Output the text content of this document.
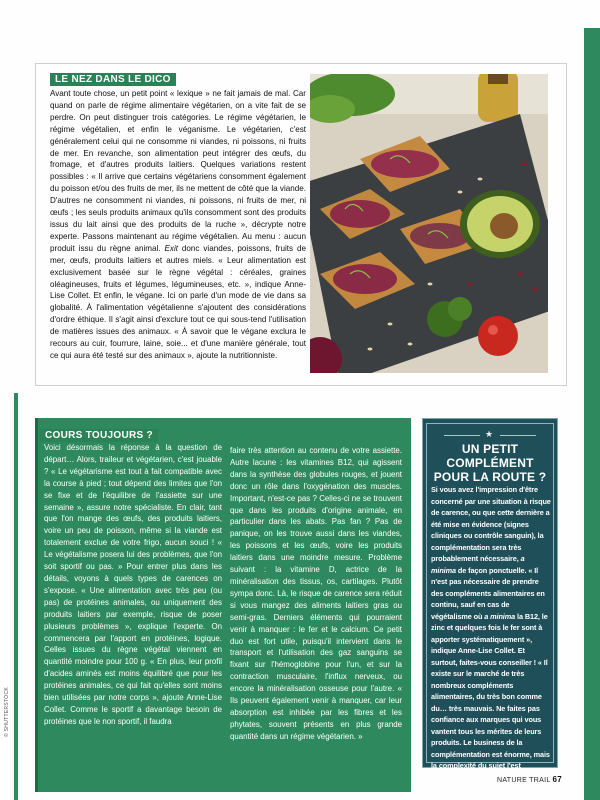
LE NEZ DANS LE DICO

Avant toute chose, un petit point « lexique » ne fait jamais de mal. Car quand on parle de régime alimentaire végétarien, on a vite fait de se perdre. On peut distinguer trois catégories. Le régime végétarien, le régime végétalien, et enfin le véganisme. Le végétarien, c'est généralement celui qui ne consomme ni viandes, ni poissons, ni fruits de mer. En revanche, son alimentation peut intégrer des œufs, du fromage, et d'autres produits laitiers. Quelques variations restent possibles : « Il arrive que certains végétariens consomment également du poisson et/ou des fruits de mer, ils ne mettent de côté que la viande. D'autres ne consomment ni viandes, ni poissons, ni fruits de mer, ni œufs ; les seuls produits animaux qu'ils consomment sont des produits issus du lait ainsi que des produits de la ruche », décrypte notre experte. Passons maintenant au régime végétalien. Au menu : aucun produit issu du règne animal. Exit donc viandes, poissons, fruits de mer, œufs, produits laitiers et autres miels. « Leur alimentation est exclusivement basée sur le règne végétal : céréales, graines oléagineuses, fruits et légumes, légumineuses, etc. », indique Anne-Lise Collet. Et enfin, le végane. Ici on parle d'un mode de vie dans sa globalité. À l'alimentation végétalienne s'ajoutent des considérations d'ordre éthique. Il s'agit ainsi d'exclure tout ce qui sous-tend l'utilisation de matières issues des animaux. « À savoir que le végane exclura le recours au cuir, fourrure, laine, soie... et d'une manière générale, tout ce qui aura été testé sur des animaux », ajoute la nutritionniste.

COURS TOUJOURS ?

Voici désormais la réponse à la question de départ… Alors, traileur et végétarien, c'est jouable ? « Le végétarisme est tout à fait compatible avec la course à pied ; tout dépend des limites que l'on se fixe et de l'équilibre de l'assiette sur une semaine », assure notre spécialiste. En clair, tant que l'on mange des œufs, des produits laitiers, voire un peu de poisson, même si la viande est totalement exclue de votre frigo, aucun souci ! « Le végétalisme posera lui des problèmes, que l'on soit sportif ou pas. » Pour entrer plus dans les détails, voyons à quels types de carences on s'expose. « Une alimentation avec très peu (ou pas) de protéines animales, ou uniquement des produits laitiers par exemple, risque de poser plusieurs problèmes », explique l'experte. On commencera par l'apport en protéines, logique. Celles issues du règne végétal viennent en quantité moindre pour 100 g. « En plus, leur profil d'acides aminés est moins équilibré que pour les protéines animales, ce qui fait qu'elles sont moins bien utilisées par notre corps », ajoute Anne-Lise Collet. Comme le sportif a davantage besoin de protéines que le non sportif, il faudra

faire très attention au contenu de votre assiette. Autre lacune : les vitamines B12, qui agissent dans la synthèse des globules rouges, et jouent donc un rôle dans l'oxygénation des muscles. Important, n'est-ce pas ? Celles-ci ne se trouvent que dans les produits d'origine animale, en particulier dans les abats. Pas fan ? Pas de panique, on les trouve aussi dans les viandes, les poissons et les œufs, voire les produits laitiers dans une moindre mesure. Problème suivant : la vitamine D, actrice de la minéralisation des tissus, os, cartilages. Plutôt sympa donc. Là, le risque de carence sera réduit si vous mangez des aliments laitiers gras ou semi-gras. Derniers éléments qui pourraient venir à manquer : le fer et le calcium. Ce petit duo est fort utile, puisqu'il intervient dans le transport et l'utilisation des gaz sanguins se fixant sur l'hémoglobine pour l'un, et sur la contraction musculaire, l'influx nerveux, ou encore la minéralisation osseuse pour l'autre. « Ils peuvent également venir à manquer, car leur absorption est inhibée par les fibres et les phytates, souvent présents en plus grande quantité dans un régime végétarien. »

★
UN PETIT COMPLÉMENT POUR LA ROUTE ?

Si vous avez l'impression d'être concerné par une situation à risque de carence, ou que cette dernière a été mise en évidence (signes cliniques ou contrôle sanguin), la complémentation sera très probablement nécessaire, a minima de façon ponctuelle. « Il n'est pas nécessaire de prendre des compléments alimentaires en continu, sauf en cas de végétalisme où a minima la B12, le zinc et quelques fois le fer sont à apporter systématiquement », indique Anne-Lise Collet. Et surtout, faites-vous conseiller ! « Il existe sur le marché de très nombreux compléments alimentaires, du très bon comme du… très mauvais. Ne faites pas confiance aux marques qui vous vantent tous les mérites de leurs produits. Le business de la complémentation est énorme, mais la complexité du sujet l'est également. »

© SHUTTERSTOCK
NATURE TRAIL 67
